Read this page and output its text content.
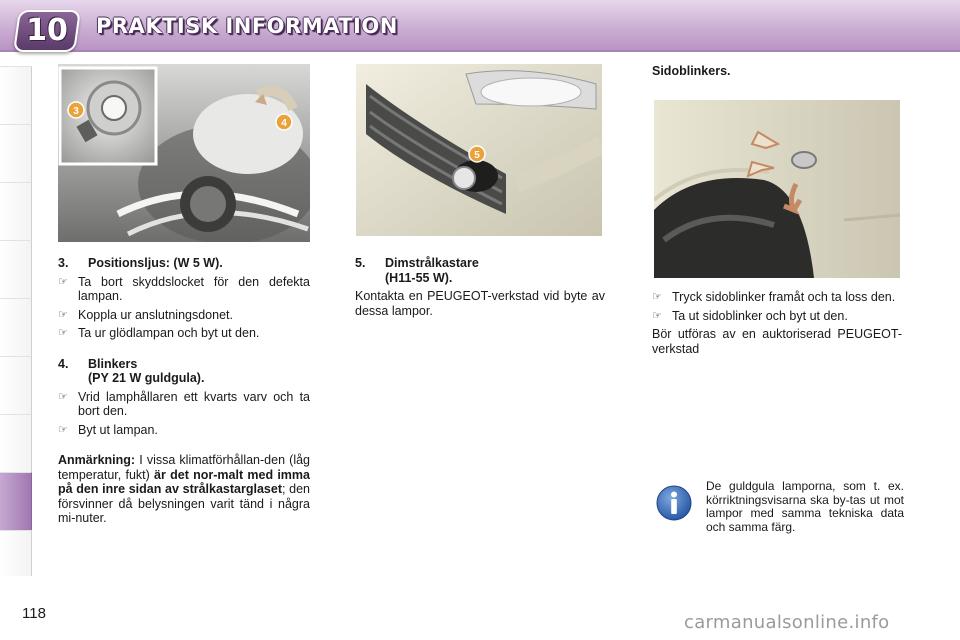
10	PRAKTISK INFORMATION
3
4
5
3. Positionsljus: (W 5 W).
☞ Ta bort skyddslocket för den defekta lampan.
☞ Koppla ur anslutningsdonet.
☞ Ta ur glödlampan och byt ut den.
4. Blinkers
(PY 21 W guldgula).
☞ Vrid lamphållaren ett kvarts varv och ta bort den.
☞ Byt ut lampan.
Anmärkning: I vissa klimatförhållan-den (låg temperatur, fukt) är det nor-malt med imma på den inre sidan av strålkastarglaset; den försvinner då belysningen varit tänd i några mi-nuter.
5. Dimstrålkastare
(H11-55 W).
Kontakta en PEUGEOT-verkstad vid byte av dessa lampor.
Sidoblinkers.
☞ Tryck sidoblinker framåt och ta loss den.
☞ Ta ut sidoblinker och byt ut den.
Bör utföras av en auktoriserad PEUGEOT-verkstad
De guldgula lamporna, som t. ex. körriktningsvisarna ska by-tas ut mot lampor med samma tekniska data och samma färg.
118	carmanualsonline.info
